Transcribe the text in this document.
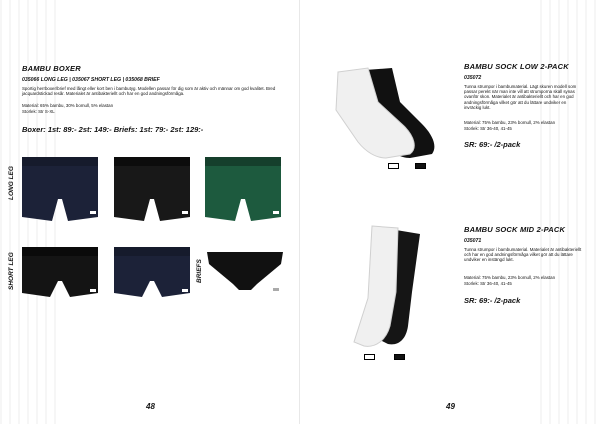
BAMBU BOXER
035066 LONG LEG | 035067 SHORT LEG | 035068 BRIEF

Sportig herrboxer/brief med långt eller kort ben i bambutyg. Modellen passar för dig som är aktiv och männar om god kvalitet. Bred jacquardstickad resår. Materialet är antibakteriellt och har en god andningsförmåga.

Material: 65% bambu, 30% bomull, 5% elastan

Storlek: Str S-XL

Boxer: 1st: 89:- 2st: 149:- Briefs: 1st: 79:- 2st: 129:-
LONG LEG
SHORT LEG	BRIEFS
48
BAMBU SOCK LOW 2-PACK
035072

Tunna strumpor i bambumaterial. Lägt skuren modell som passar perekt när man inte vill att strumporna skall synas ovanför skon. Materialet är antibakteriellt och har en god andningsförmåga vilket gör att du lättare undviker en invräckig lukt.

Material: 75% bambu, 23% bomull, 2% elastan

Storlek: Str 36-40, 41-45

SR: 69:- /2-pack
BAMBU SOCK MID 2-PACK
035071

Tunna strumpor i bambumaterial. Materialet är antibakteriellt och har en god andningsförmåga vilket gör att du lättare undviker en instängd lukt.

Material: 75% bambu, 23% bomull, 2% elastan

Storlek: Str 36-40, 41-45

SR: 69:- /2-pack
49
